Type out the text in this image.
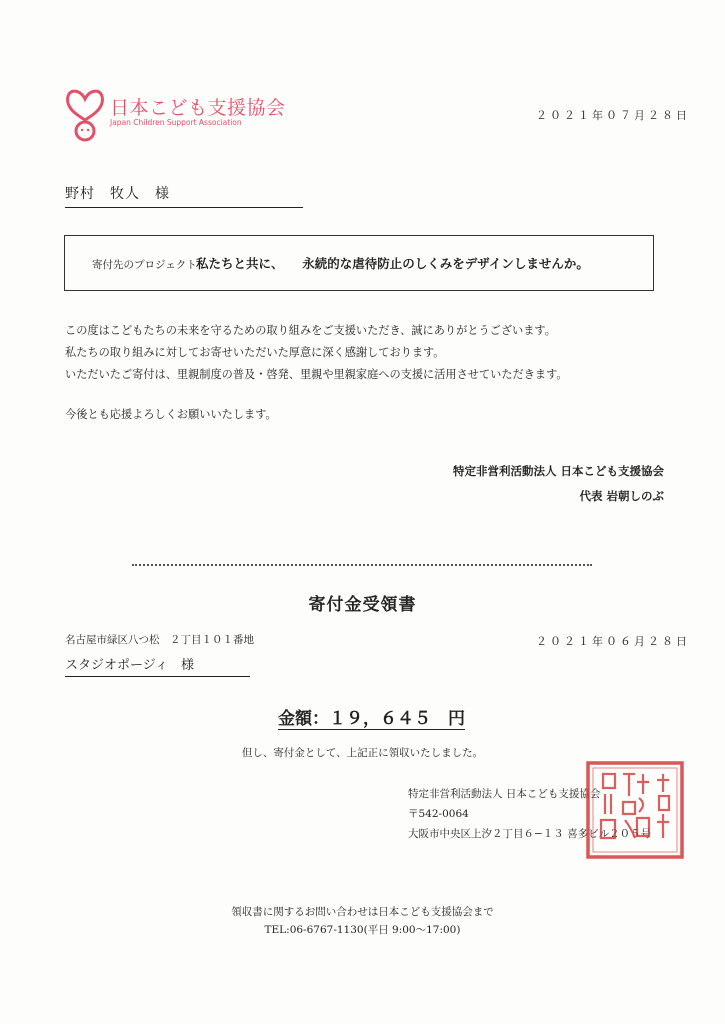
日本こども支援協会
Japan Children Support Association
２０２１年０７月２８日
野村　牧人　様
寄付先のプロジェクト 私たちと共に、　　永続的な虐待防止のしくみをデザインしませんか。
この度はこどもたちの未来を守るための取り組みをご支援いただき、誠にありがとうございます。
私たちの取り組みに対してお寄せいただいた厚意に深く感謝しております。
いただいたご寄付は、里親制度の普及・啓発、里親や里親家庭への支援に活用させていただきます。
今後とも応援よろしくお願いいたします。
特定非営利活動法人 日本こども支援協会
代表 岩朝しのぶ
寄付金受領書
名古屋市緑区八つ松　２丁目１０１番地	２０２１年０６月２８日
スタジオポージィ　様
金額：１９，６４５　円
但し、寄付金として、上記正に領収いたしました。
特定非営利活動法人 日本こども支援協会
〒542-0064
大阪市中央区上汐２丁目６−１３ 喜多ビル２０５号
領収書に関するお問い合わせは日本こども支援協会まで
TEL:06-6767-1130(平日 9:00〜17:00)
